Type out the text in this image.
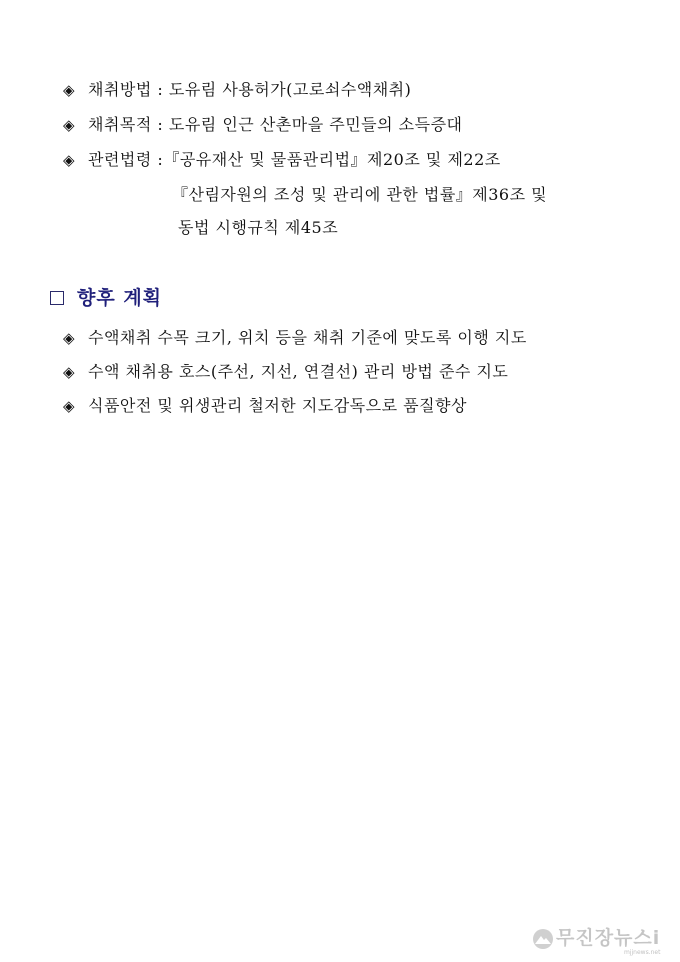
◈ 채취방법 : 도유림 사용허가(고로쇠수액채취)
◈ 채취목적 : 도유림 인근 산촌마을 주민들의 소득증대
◈ 관련법령 :『공유재산 및 물품관리법』제20조 및 제22조
『산림자원의 조성 및 관리에 관한 법률』제36조 및
동법 시행규칙 제45조
향후 계획
◈ 수액채취 수목 크기, 위치 등을 채취 기준에 맞도록 이행 지도
◈ 수액 채취용 호스(주선, 지선, 연결선) 관리 방법 준수 지도
◈ 식품안전 및 위생관리 철저한 지도감독으로 품질향상
무진장뉴스i
mjjnews.net
